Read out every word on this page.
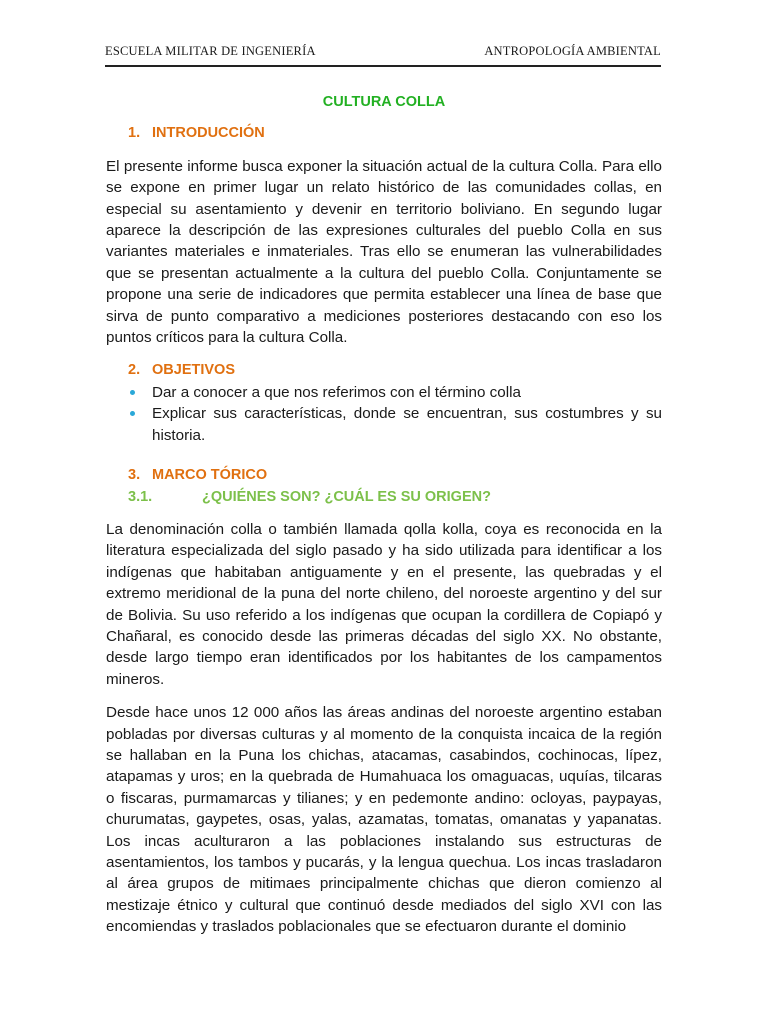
ESCUELA MILITAR DE INGENIERÍA	ANTROPOLOGÍA AMBIENTAL
CULTURA COLLA
1. INTRODUCCIÓN

El presente informe busca exponer la situación actual de la cultura Colla. Para ello se expone en primer lugar un relato histórico de las comunidades collas, en especial su asentamiento y devenir en territorio boliviano. En segundo lugar aparece la descripción de las expresiones culturales del pueblo Colla en sus variantes materiales e inmateriales. Tras ello se enumeran las vulnerabilidades que se presentan actualmente a la cultura del pueblo Colla. Conjuntamente se propone una serie de indicadores que permita establecer una línea de base que sirva de punto comparativo a mediciones posteriores destacando con eso los puntos críticos para la cultura Colla.

2. OBJETIVOS
Dar a conocer a que nos referimos con el término colla
Explicar sus características, donde se encuentran, sus costumbres y su historia.
3. MARCO TÓRICO
3.1.	¿QUIÉNES SON? ¿CUÁL ES SU ORIGEN?

La denominación colla o también llamada qolla kolla, coya es reconocida en la literatura especializada del siglo pasado y ha sido utilizada para identificar a los indígenas que habitaban antiguamente y en el presente, las quebradas y el extremo meridional de la puna del norte chileno, del noroeste argentino y del sur de Bolivia. Su uso referido a los indígenas que ocupan la cordillera de Copiapó y Chañaral, es conocido desde las primeras décadas del siglo XX. No obstante, desde largo tiempo eran identificados por los habitantes de los campamentos mineros.

Desde hace unos 12 000 años las áreas andinas del noroeste argentino estaban pobladas por diversas culturas y al momento de la conquista incaica de la región se hallaban en la Puna los chichas, atacamas, casabindos, cochinocas, lípez, atapamas y uros; en la quebrada de Humahuaca los omaguacas, uquías, tilcaras o fiscaras, purmamarcas y tilianes; y en pedemonte andino: ocloyas, paypayas, churumatas, gaypetes, osas, yalas, azamatas, tomatas, omanatas y yapanatas. Los incas aculturaron a las poblaciones instalando sus estructuras de asentamientos, los tambos y pucarás, y la lengua quechua. Los incas trasladaron al área grupos de mitimaes principalmente chichas que dieron comienzo al mestizaje étnico y cultural que continuó desde mediados del siglo XVI con las encomiendas y traslados poblacionales que se efectuaron durante el dominio
